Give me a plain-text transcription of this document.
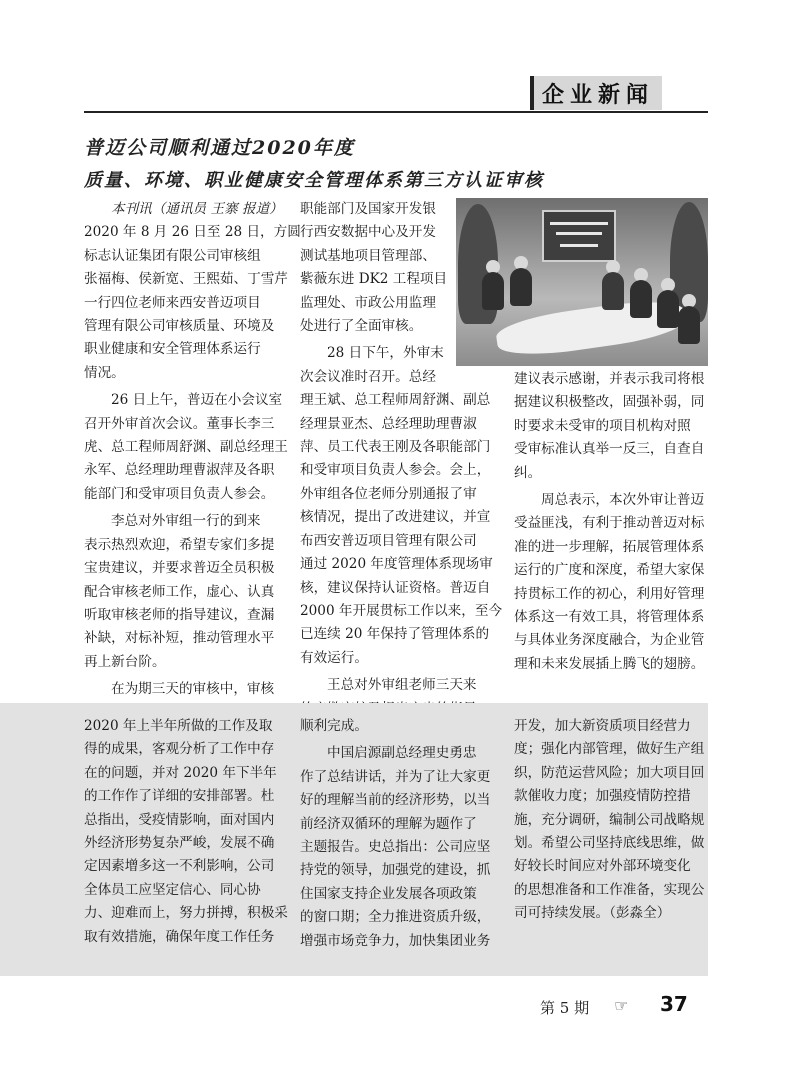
企业新闻
普迈公司顺利通过2020年度
质量、环境、职业健康安全管理体系第三方认证审核

本刊讯（通讯员 王寨 报道）

2020 年 8 月 26 日至 28 日，方圆

标志认证集团有限公司审核组

张福梅、侯新宽、王熙茹、丁雪芹

一行四位老师来西安普迈项目

管理有限公司审核质量、环境及

职业健康和安全管理体系运行

情况。

26 日上午，普迈在小会议室

召开外审首次会议。董事长李三

虎、总工程师周舒渊、副总经理王

永军、总经理助理曹淑萍及各职

能部门和受审项目负责人参会。

李总对外审组一行的到来

表示热烈欢迎，希望专家们多提

宝贵建议，并要求普迈全员积极

配合审核老师工作，虚心、认真

听取审核老师的指导建议，查漏

补缺，对标补短，推动管理水平

再上新台阶。

在为期三天的审核中，审核

职能部门及国家开发银

行西安数据中心及开发

测试基地项目管理部、

紫薇东进 DK2 工程项目

监理处、市政公用监理

处进行了全面审核。

28 日下午，外审末

次会议准时召开。总经

理王斌、总工程师周舒渊、副总

经理景亚杰、总经理助理曹淑

萍、员工代表王刚及各职能部门

和受审项目负责人参会。会上，

外审组各位老师分别通报了审

核情况，提出了改进建议，并宣

布西安普迈项目管理有限公司

通过 2020 年度管理体系现场审

核，建议保持认证资格。普迈自

2000 年开展贯标工作以来，至今

已连续 20 年保持了管理体系的

有效运行。

王总对外审组老师三天来

建议表示感谢，并表示我司将根

据建议积极整改，固强补弱，同

时要求未受审的项目机构对照

受审标准认真举一反三，自查自

纠。

周总表示，本次外审让普迈

受益匪浅，有利于推动普迈对标

准的进一步理解，拓展管理体系

运行的广度和深度，希望大家保

持贯标工作的初心，利用好管理

体系这一有效工具，将管理体系

与具体业务深度融合，为企业管

理和未来发展插上腾飞的翅膀。

2020 年上半年所做的工作及取

得的成果，客观分析了工作中存

在的问题，并对 2020 年下半年

的工作作了详细的安排部署。杜

总指出，受疫情影响，面对国内

外经济形势复杂严峻，发展不确

定因素增多这一不利影响，公司

全体员工应坚定信心、同心协

力、迎难而上，努力拼搏，积极采

取有效措施，确保年度工作任务

顺利完成。

中国启源副总经理史勇忠

作了总结讲话，并为了让大家更

好的理解当前的经济形势，以当

前经济双循环的理解为题作了

主题报告。史总指出：公司应坚

持党的领导，加强党的建设，抓

住国家支持企业发展各项政策

的窗口期；全力推进资质升级，

增强市场竞争力，加快集团业务

开发，加大新资质项目经营力

度；强化内部管理，做好生产组

织，防范运营风险；加大项目回

款催收力度；加强疫情防控措

施，充分调研，编制公司战略规

划。希望公司坚持底线思维，做

好较长时间应对外部环境变化

的思想准备和工作准备，实现公

司可持续发展。（彭淼全）

第 5 期 ☞ 37
